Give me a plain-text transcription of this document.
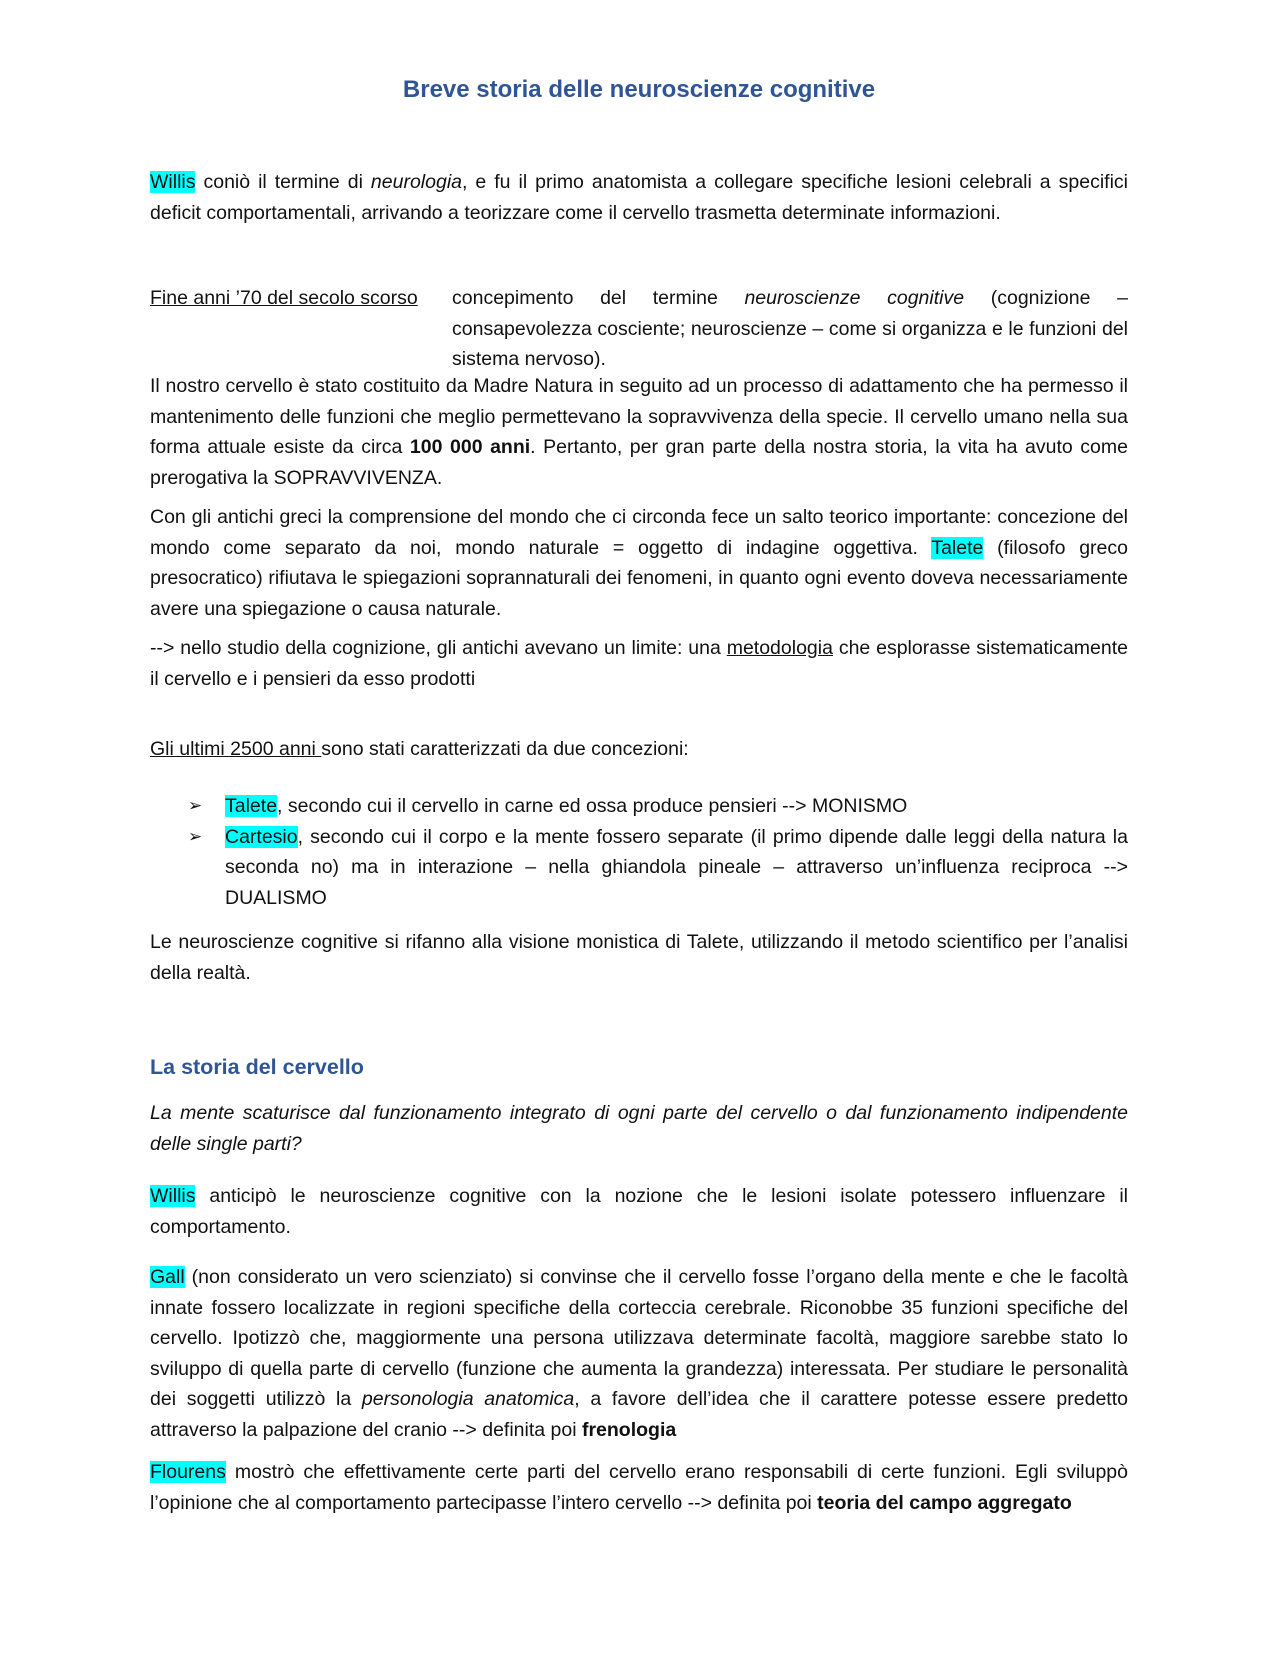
Breve storia delle neuroscienze cognitive

Willis coniò il termine di neurologia, e fu il primo anatomista a collegare specifiche lesioni celebrali a specifici deficit comportamentali, arrivando a teorizzare come il cervello trasmetta determinate informazioni.

Fine anni ’70 del secolo scorso concepimento del termine neuroscienze cognitive (cognizione – consapevolezza cosciente; neuroscienze – come si organizza e le funzioni del sistema nervoso).

Il nostro cervello è stato costituito da Madre Natura in seguito ad un processo di adattamento che ha permesso il mantenimento delle funzioni che meglio permettevano la sopravvivenza della specie. Il cervello umano nella sua forma attuale esiste da circa 100 000 anni. Pertanto, per gran parte della nostra storia, la vita ha avuto come prerogativa la SOPRAVVIVENZA.

Con gli antichi greci la comprensione del mondo che ci circonda fece un salto teorico importante: concezione del mondo come separato da noi, mondo naturale = oggetto di indagine oggettiva. Talete (filosofo greco presocratico) rifiutava le spiegazioni soprannaturali dei fenomeni, in quanto ogni evento doveva necessariamente avere una spiegazione o causa naturale.

--> nello studio della cognizione, gli antichi avevano un limite: una metodologia che esplorasse sistematicamente il cervello e i pensieri da esso prodotti

Gli ultimi 2500 anni sono stati caratterizzati da due concezioni:

➢ Talete, secondo cui il cervello in carne ed ossa produce pensieri --> MONISMO
➢ Cartesio, secondo cui il corpo e la mente fossero separate (il primo dipende dalle leggi della natura la seconda no) ma in interazione – nella ghiandola pineale – attraverso un’influenza reciproca --> DUALISMO

Le neuroscienze cognitive si rifanno alla visione monistica di Talete, utilizzando il metodo scientifico per l’analisi della realtà.

La storia del cervello

La mente scaturisce dal funzionamento integrato di ogni parte del cervello o dal funzionamento indipendente delle single parti?

Willis anticipò le neuroscienze cognitive con la nozione che le lesioni isolate potessero influenzare il comportamento.

Gall (non considerato un vero scienziato) si convinse che il cervello fosse l’organo della mente e che le facoltà innate fossero localizzate in regioni specifiche della corteccia cerebrale. Riconobbe 35 funzioni specifiche del cervello. Ipotizzò che, maggiormente una persona utilizzava determinate facoltà, maggiore sarebbe stato lo sviluppo di quella parte di cervello (funzione che aumenta la grandezza) interessata. Per studiare le personalità dei soggetti utilizzò la personologia anatomica, a favore dell’idea che il carattere potesse essere predetto attraverso la palpazione del cranio --> definita poi frenologia

Flourens mostrò che effettivamente certe parti del cervello erano responsabili di certe funzioni. Egli sviluppò l’opinione che al comportamento partecipasse l’intero cervello --> definita poi teoria del campo aggregato
